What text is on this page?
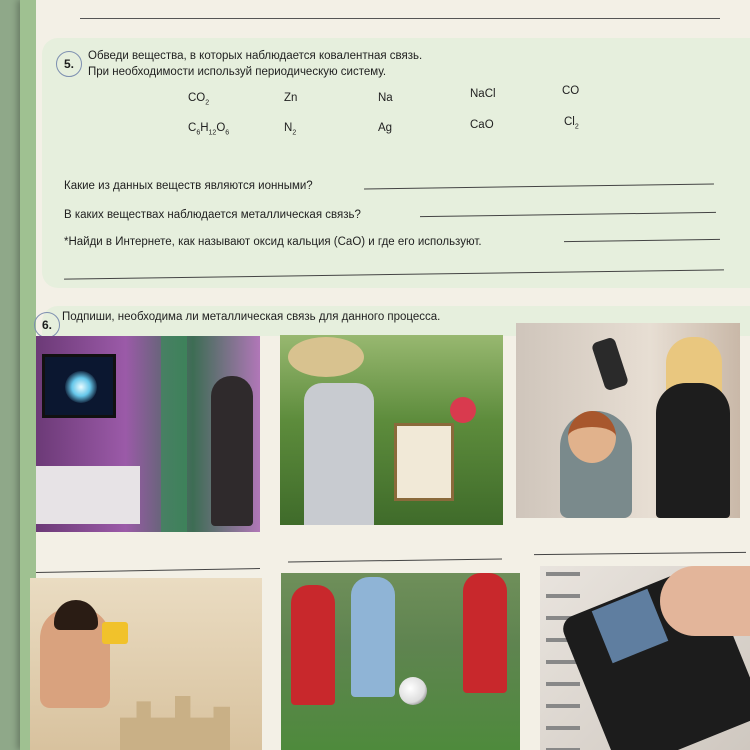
5.
Обведи вещества, в которых наблюдается ковалентная связь.
При необходимости используй периодическую систему.
$CO_2$	Zn	Na	NaCl	CO
$C_6H_{12}O_6$	$N_2$	Ag	CaO	$Cl_2$
Какие из данных веществ являются ионными?
В каких веществах наблюдается металлическая связь?
*Найди в Интернете, как называют оксид кальция (CaO) и где его используют.
6.
Подпиши, необходима ли металлическая связь для данного процесса.
